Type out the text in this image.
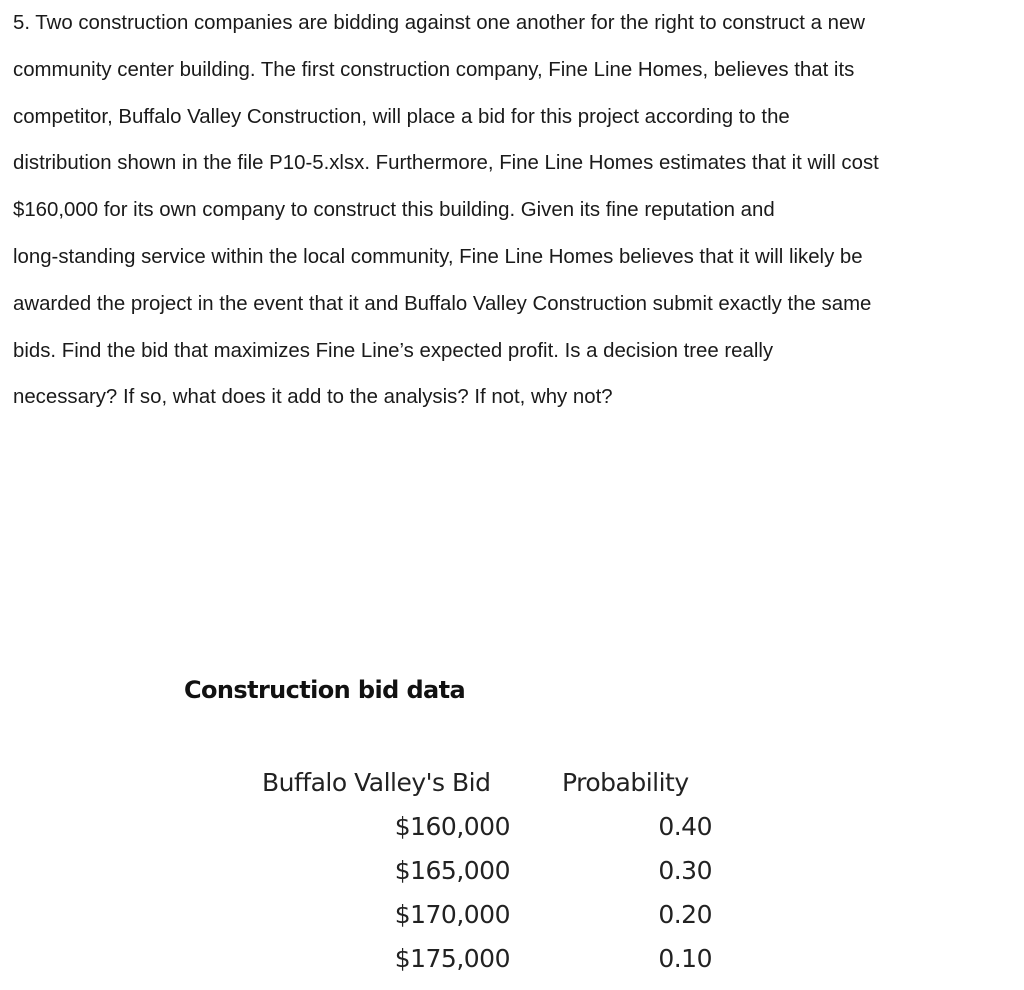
5. Two construction companies are bidding against one another for the right to construct a new
community center building. The first construction company, Fine Line Homes, believes that its
competitor, Buffalo Valley Construction, will place a bid for this project according to the
distribution shown in the file P10-5.xlsx. Furthermore, Fine Line Homes estimates that it will cost
$160,000 for its own company to construct this building. Given its fine reputation and
long-standing service within the local community, Fine Line Homes believes that it will likely be
awarded the project in the event that it and Buffalo Valley Construction submit exactly the same
bids. Find the bid that maximizes Fine Line’s expected profit. Is a decision tree really
necessary? If so, what does it add to the analysis? If not, why not?
Construction bid data
Buffalo Valley's Bid	Probability
$160,000	0.40
$165,000	0.30
$170,000	0.20
$175,000	0.10
